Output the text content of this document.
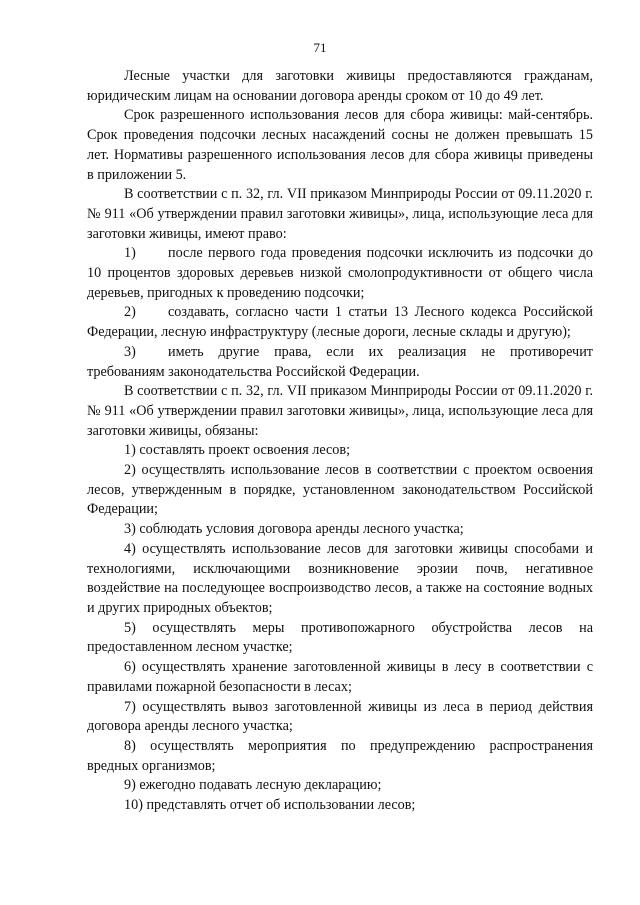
71

Лесные участки для заготовки живицы предоставляются гражданам, юридическим лицам на основании договора аренды сроком от 10 до 49 лет.

Срок разрешенного использования лесов для сбора живицы: май-сентябрь. Срок проведения подсочки лесных насаждений сосны не должен превышать 15 лет. Нормативы разрешенного использования лесов для сбора живицы приведены в приложении 5.

В соответствии с п. 32, гл. VII приказом Минприроды России от 09.11.2020 г. № 911 «Об утверждении правил заготовки живицы», лица, использующие леса для заготовки живицы, имеют право:

1) после первого года проведения подсочки исключить из подсочки до 10 процентов здоровых деревьев низкой смолопродуктивности от общего числа деревьев, пригодных к проведению подсочки;

2) создавать, согласно части 1 статьи 13 Лесного кодекса Российской Федерации, лесную инфраструктуру (лесные дороги, лесные склады и другую);

3) иметь другие права, если их реализация не противоречит требованиям законодательства Российской Федерации.

В соответствии с п. 32, гл. VII приказом Минприроды России от 09.11.2020 г. № 911 «Об утверждении правил заготовки живицы», лица, использующие леса для заготовки живицы, обязаны:

1) составлять проект освоения лесов;

2) осуществлять использование лесов в соответствии с проектом освоения лесов, утвержденным в порядке, установленном законодательством Российской Федерации;

3) соблюдать условия договора аренды лесного участка;

4) осуществлять использование лесов для заготовки живицы способами и технологиями, исключающими возникновение эрозии почв, негативное воздействие на последующее воспроизводство лесов, а также на состояние водных и других природных объектов;

5) осуществлять меры противопожарного обустройства лесов на предоставленном лесном участке;

6) осуществлять хранение заготовленной живицы в лесу в соответствии с правилами пожарной безопасности в лесах;

7) осуществлять вывоз заготовленной живицы из леса в период действия договора аренды лесного участка;

8) осуществлять мероприятия по предупреждению распространения вредных организмов;

9) ежегодно подавать лесную декларацию;

10) представлять отчет об использовании лесов;
